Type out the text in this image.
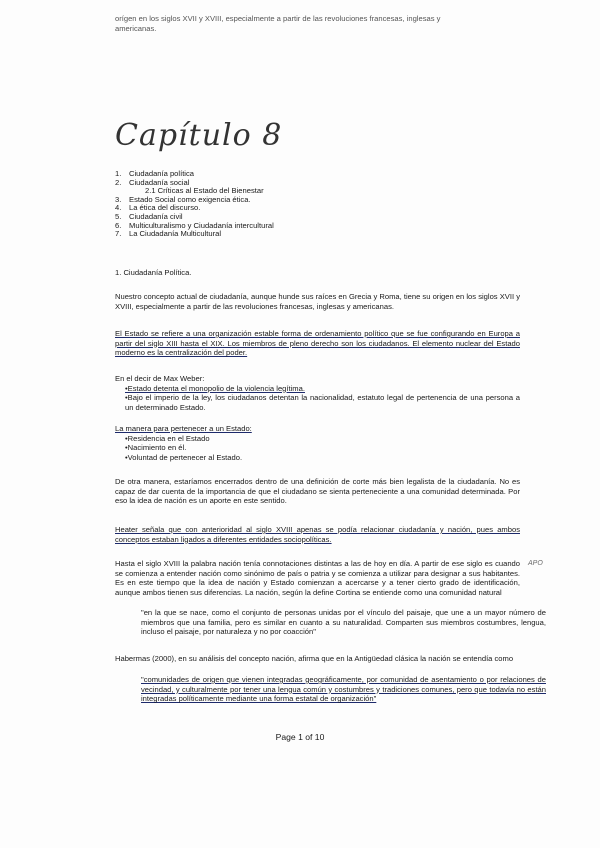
orígen en los siglos XVII y XVIII, especialmente a partir de las revoluciones francesas, inglesas y

americanas.

Capítulo 8
1. Ciudadanía política
2. Ciudadanía social
2.1 Críticas al Estado del Bienestar
3. Estado Social como exigencia ética.
4. La ética del discurso.
5. Ciudadanía civil
6. Multiculturalismo y Ciudadanía intercultural
7. La Ciudadanía Multicultural
1. Ciudadanía Política.
Nuestro concepto actual de ciudadanía, aunque hunde sus raíces en Grecia y Roma, tiene su origen en los siglos XVII y XVIII, especialmente a partir de las revoluciones francesas, inglesas y americanas.
El Estado se refiere a una organización estable forma de ordenamiento político que se fue configurando en Europa a partir del siglo XIII hasta el XIX. Los miembros de pleno derecho son los ciudadanos. El elemento nuclear del Estado moderno es la centralización del poder.

En el decir de Max Weber:

•Estado detenta el monopolio de la violencia legítima.

•Bajo el imperio de la ley, los ciudadanos detentan la nacionalidad, estatuto legal de pertenencia de una persona a un determinado Estado.

La manera para pertenecer a un Estado:

•Residencia en el Estado

•Nacimiento en él.

•Voluntad de pertenecer al Estado.

De otra manera, estaríamos encerrados dentro de una definición de corte más bien legalista de la ciudadanía. No es capaz de dar cuenta de la importancia de que el ciudadano se sienta perteneciente a una comunidad determinada. Por eso la idea de nación es un aporte en este sentido.
Heater señala que con anterioridad al siglo XVIII apenas se podía relacionar ciudadanía y nación, pues ambos conceptos estaban ligados a diferentes entidades sociopolíticas.
Hasta el siglo XVIII la palabra nación tenía connotaciones distintas a las de hoy en día. A partir de ese siglo es cuando se comienza a entender nación como sinónimo de país o patria y se comienza a utilizar para designar a sus habitantes. Es en este tiempo que la idea de nación y Estado comienzan a acercarse y a tener cierto grado de identificación, aunque ambos tienen sus diferencias. La nación, según la define Cortina se entiende como una comunidad natural
APO
"en la que se nace, como el conjunto de personas unidas por el vínculo del paisaje, que une a un mayor número de miembros que una familia, pero es similar en cuanto a su naturalidad. Comparten sus miembros costumbres, lengua, incluso el paisaje, por naturaleza y no por coacción"
Habermas (2000), en su análisis del concepto nación, afirma que en la Antigüedad clásica la nación se entendía como
"comunidades de origen que vienen integradas geográficamente, por comunidad de asentamiento o por relaciones de vecindad, y culturalmente por tener una lengua común y costumbres y tradiciones comunes, pero que todavía no están integradas políticamente mediante una forma estatal de organización"
Page 1 of 10
